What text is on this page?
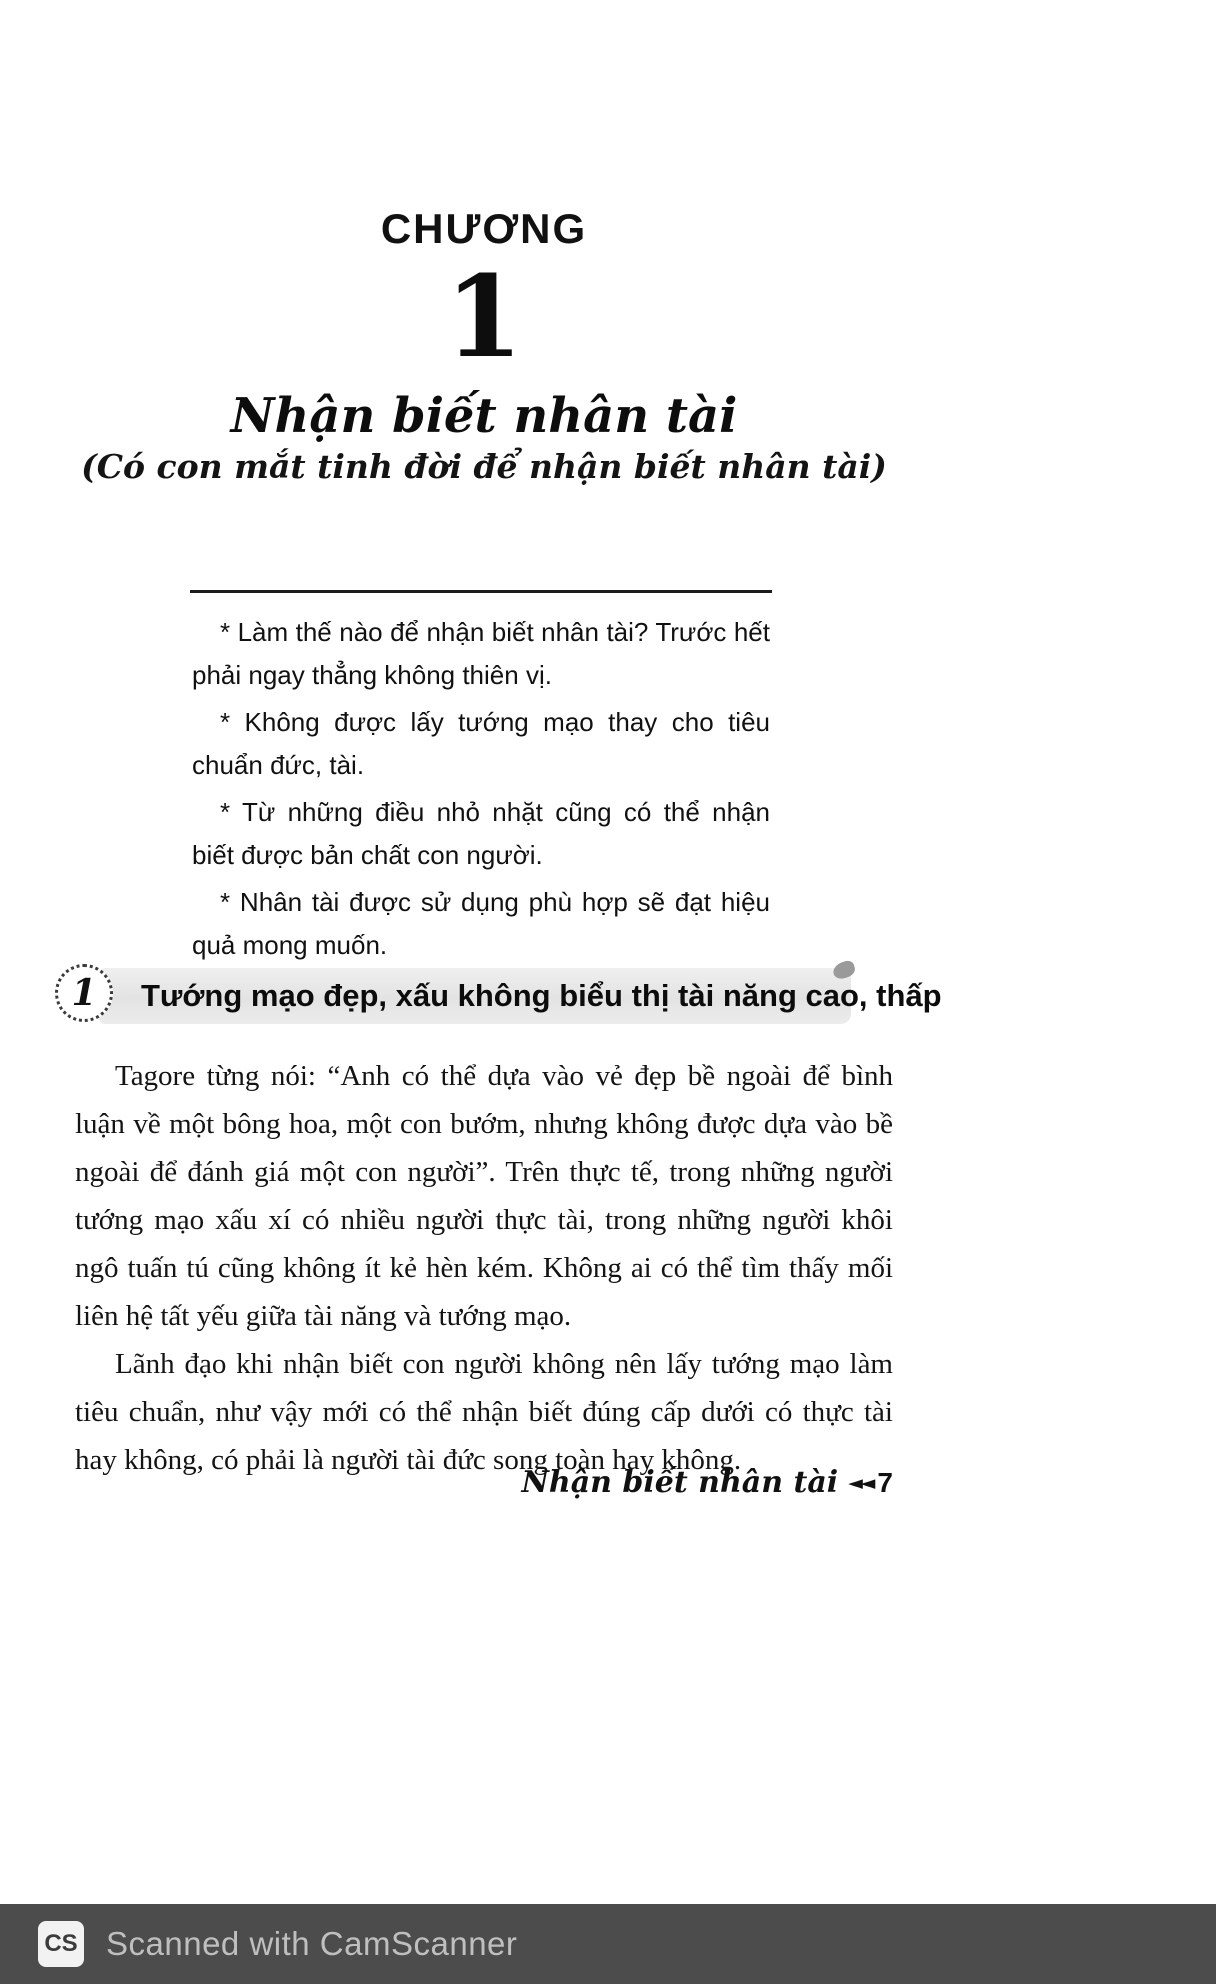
CHƯƠNG
1
Nhận biết nhân tài
(Có con mắt tinh đời để nhận biết nhân tài)

* Làm thế nào để nhận biết nhân tài? Trước hết phải ngay thẳng không thiên vị.

* Không được lấy tướng mạo thay cho tiêu chuẩn đức, tài.

* Từ những điều nhỏ nhặt cũng có thể nhận biết được bản chất con người.

* Nhân tài được sử dụng phù hợp sẽ đạt hiệu quả mong muốn.

1	Tướng mạo đẹp, xấu không biểu thị tài năng cao, thấp

Tagore từng nói: “Anh có thể dựa vào vẻ đẹp bề ngoài để bình luận về một bông hoa, một con bướm, nhưng không được dựa vào bề ngoài để đánh giá một con người”. Trên thực tế, trong những người tướng mạo xấu xí có nhiều người thực tài, trong những người khôi ngô tuấn tú cũng không ít kẻ hèn kém. Không ai có thể tìm thấy mối liên hệ tất yếu giữa tài năng và tướng mạo.

Lãnh đạo khi nhận biết con người không nên lấy tướng mạo làm tiêu chuẩn, như vậy mới có thể nhận biết đúng cấp dưới có thực tài hay không, có phải là người tài đức song toàn hay không.

Nhận biết nhân tài ◄◄ 7
CS Scanned with CamScanner
